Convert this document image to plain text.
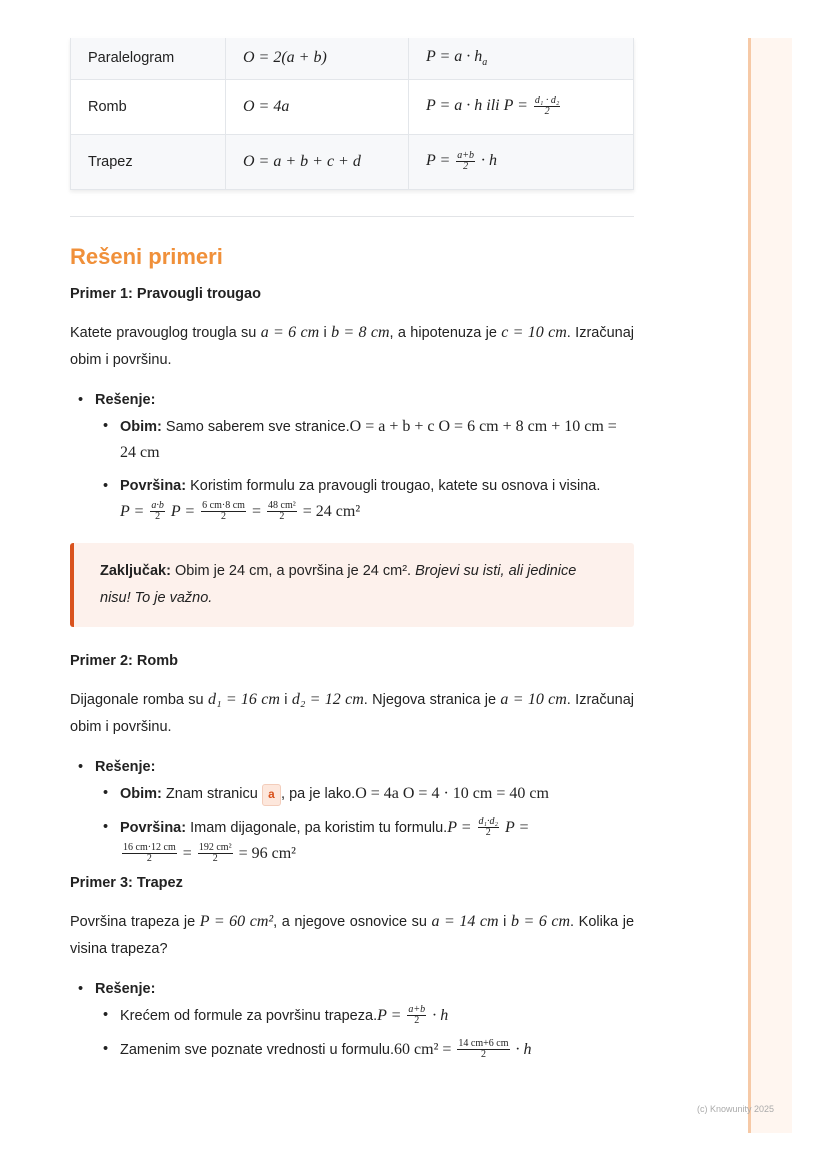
Paralelogram	O = 2(a + b)	$P = a \cdot h_a$
Romb	O = 4a	P = a · h ili $P = \frac{\text{d₁ · d₂}}{2}$

Trapez	O = a + b + c + d	$P = \frac{a+b}{2} \cdot h$
Rešeni primeri
Primer 1: Pravougli trougao

Katete pravouglog trougla su a = 6 cm i b = 8 cm, a hipotenuza je c = 10 cm. Izračunaj obim i površinu.

• Rešenje:
• Obim: Samo saberem sve stranice.O = a + b + c O = 6 cm + 8 cm + 10 cm = 24 cm
• Površina: Koristim formulu za pravougli trougao, katete su osnova i visina.
$P = \frac{a\cdot b}{2}$ $P = \frac{6 cm\cdot 8 cm}{2} = \frac{\text{48 cm²}}{2} = 24$ cm²
Zaključak: Obim je 24 cm, a površina je 24 cm². Brojevi su isti, ali jedinice nisu! To je važno.
Primer 2: Romb

Dijagonale romba su d₁ = 16 cm i d₂ = 12 cm. Njegova stranica je a = 10 cm. Izračunaj obim i površinu.

• Rešenje:
• Obim: Znam stranicu a , pa je lako.O = 4a O = 4 · 10 cm = 40 cm
• Površina: Imam dijagonale, pa koristim tu formulu.P = $\frac{\text{d₁·d₂}}{2}$ P =

$\frac{16 cm\cdot 12 cm}{2} = \frac{\text{192 cm²}}{2} = 96$ cm²
Primer 3: Trapez

Površina trapeza je P = 60 cm², a njegove osnovice su a = 14 cm i b = 6 cm. Kolika je visina trapeza?

• Rešenje:
• Krećem od formule za površinu trapeza.P = $\frac{a+b}{2} \cdot h$
• Zamenim sve poznate vrednosti u formulu.60 $cm^2 = \frac{14 cm+6 cm}{2} \cdot h$
(c) Knowunity 2025
